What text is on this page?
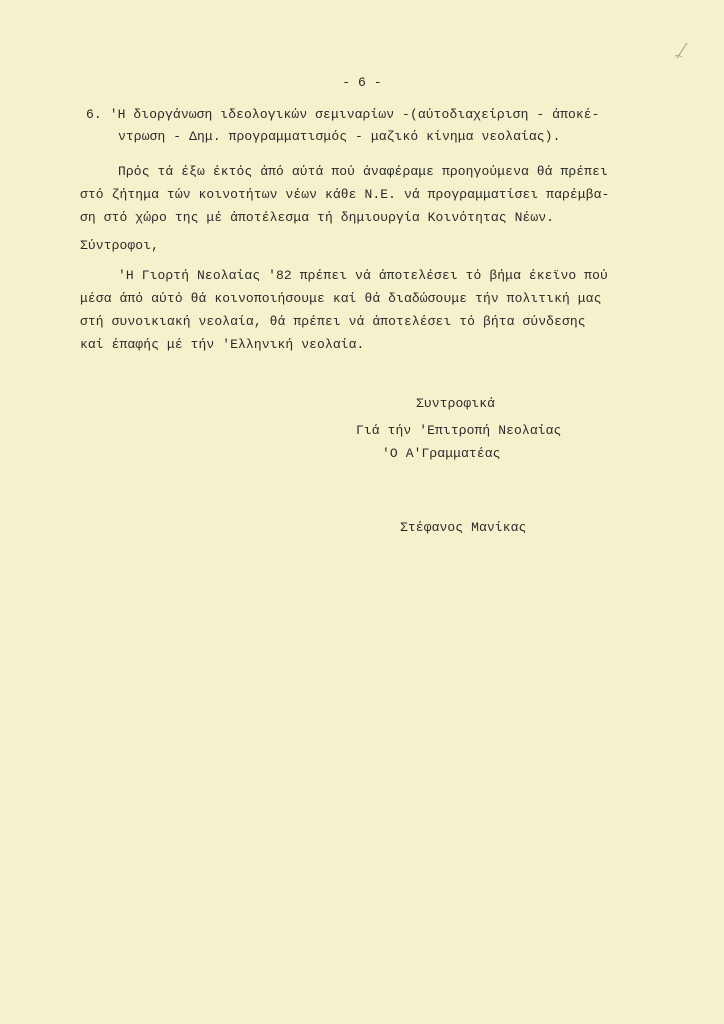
- 6 -
6. 'Η διοργάνωση ιδεολογικών σεμιναρίων -(αύτοδιαχείριση - άποκέ-
ντρωση - Δημ. προγραμματισμός - μαζικό κίνημα νεολαίας).
Πρός τά έξω έκτός άπό αύτά πού άναφέραμε προηγούμενα θά πρέπει
στό ζήτημα τών κοινοτήτων νέων κάθε Ν.Ε. νά προγραμματίσει παρέμβα-
ση στό χώρο της μέ άποτέλεσμα τή δημιουργία Κοινότητας Νέων.
Σύντροφοι,
'Η Γιορτή Νεολαίας '82 πρέπει νά άποτελέσει τό βήμα έκεϊνο πού
μέσα άπό αύτό θά κοινοποιήσουμε καί θά διαδώσουμε τήν πολιτική μας
στή συνοικιακή νεολαία, θά πρέπει νά άποτελέσει τό βήτα σύνδεσης
καί έπαφής μέ τήν 'Ελληνική νεολαία.
Συντροφικά
Γιά τήν 'Επιτροπή Νεολαίας
'Ο Α'Γραμματέας
Στέφανος Μανίκας
